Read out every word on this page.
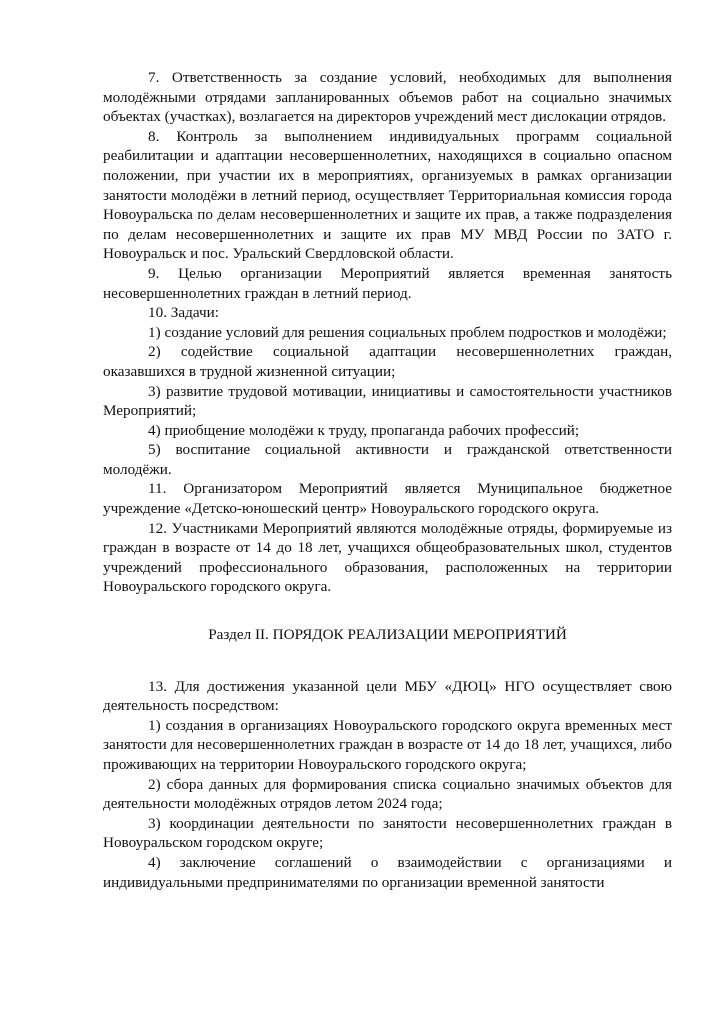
7. Ответственность за создание условий, необходимых для выполнения молодёжными отрядами запланированных объемов работ на социально значимых объектах (участках), возлагается на директоров учреждений мест дислокации отрядов.

8. Контроль за выполнением индивидуальных программ социальной реабилитации и адаптации несовершеннолетних, находящихся в социально опасном положении, при участии их в мероприятиях, организуемых в рамках организации занятости молодёжи в летний период, осуществляет Территориальная комиссия города Новоуральска по делам несовершеннолетних и защите их прав, а также подразделения по делам несовершеннолетних и защите их прав МУ МВД России по ЗАТО г. Новоуральск и пос. Уральский Свердловской области.

9. Целью организации Мероприятий является временная занятость несовершеннолетних граждан в летний период.

10. Задачи:

1) создание условий для решения социальных проблем подростков и молодёжи;

2) содействие социальной адаптации несовершеннолетних граждан, оказавшихся в трудной жизненной ситуации;

3) развитие трудовой мотивации, инициативы и самостоятельности участников Мероприятий;

4) приобщение молодёжи к труду, пропаганда рабочих профессий;

5) воспитание социальной активности и гражданской ответственности молодёжи.

11. Организатором Мероприятий является Муниципальное бюджетное учреждение «Детско-юношеский центр» Новоуральского городского округа.

12. Участниками Мероприятий являются молодёжные отряды, формируемые из граждан в возрасте от 14 до 18 лет, учащихся общеобразовательных школ, студентов учреждений профессионального образования, расположенных на территории Новоуральского городского округа.

Раздел II. ПОРЯДОК РЕАЛИЗАЦИИ МЕРОПРИЯТИЙ

13. Для достижения указанной цели МБУ «ДЮЦ» НГО осуществляет свою деятельность посредством:

1) создания в организациях Новоуральского городского округа временных мест занятости для несовершеннолетних граждан в возрасте от 14 до 18 лет, учащихся, либо проживающих на территории Новоуральского городского округа;

2) сбора данных для формирования списка социально значимых объектов для деятельности молодёжных отрядов летом 2024 года;

3) координации деятельности по занятости несовершеннолетних граждан в Новоуральском городском округе;

4) заключение соглашений о взаимодействии с организациями и индивидуальными предпринимателями по организации временной занятости
